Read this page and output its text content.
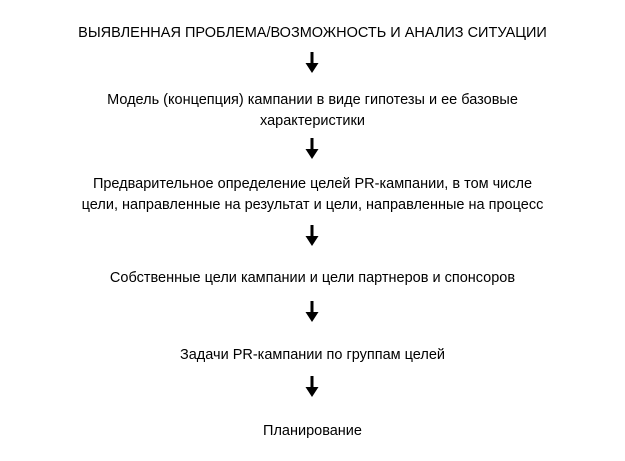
ВЫЯВЛЕННАЯ ПРОБЛЕМА/ВОЗМОЖНОСТЬ И АНАЛИЗ СИТУАЦИИ
Модель (концепция) кампании в виде гипотезы и ее базовые
характеристики
Предварительное определение целей PR-кампании, в том числе
цели, направленные на результат и цели, направленные на процесс
Собственные цели кампании и цели партнеров и спонсоров
Задачи PR-кампании по группам целей
Планирование
